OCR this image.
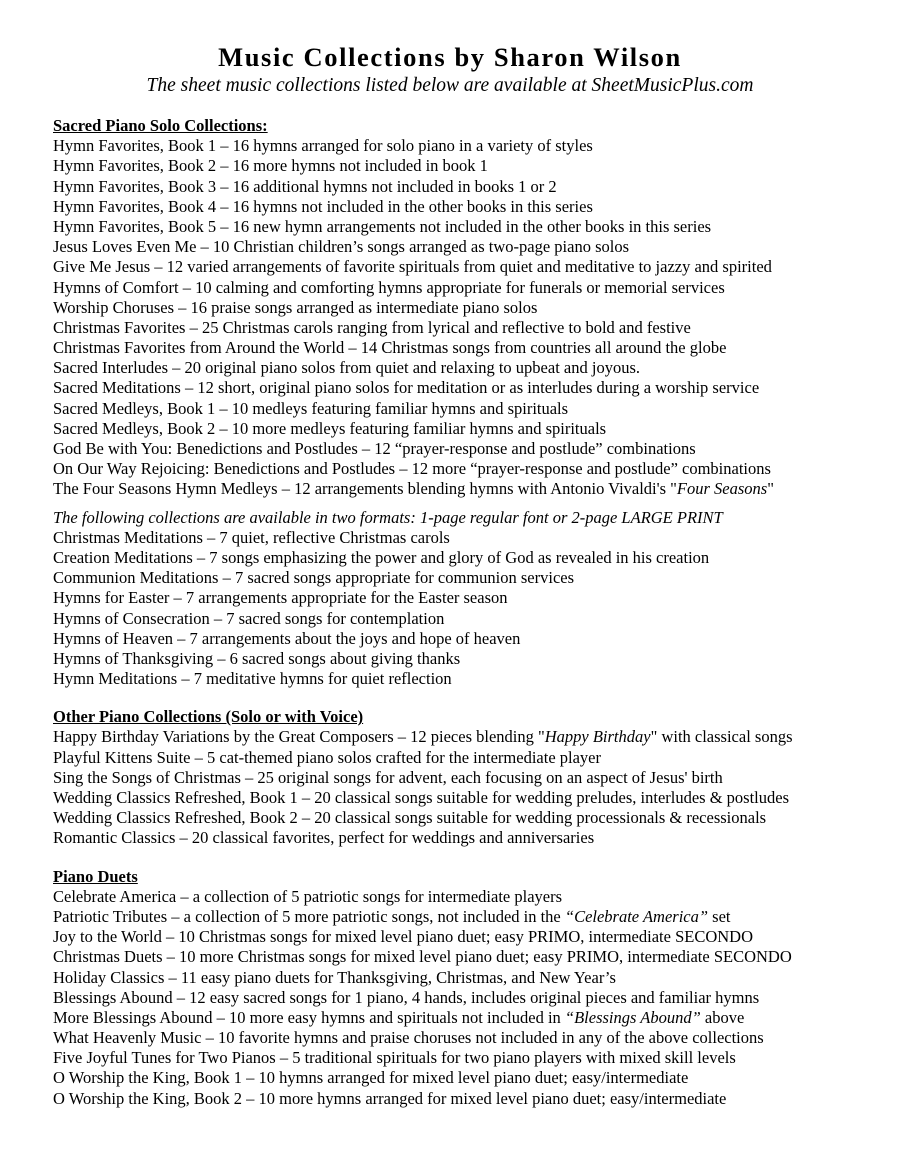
Music Collections by Sharon Wilson
The sheet music collections listed below are available at SheetMusicPlus.com
Sacred Piano Solo Collections:
Hymn Favorites, Book 1 – 16 hymns arranged for solo piano in a variety of styles
Hymn Favorites, Book 2 – 16 more hymns not included in book 1
Hymn Favorites, Book 3 – 16 additional hymns not included in books 1 or 2
Hymn Favorites, Book 4 – 16 hymns not included in the other books in this series
Hymn Favorites, Book 5 – 16 new hymn arrangements not included in the other books in this series
Jesus Loves Even Me – 10 Christian children’s songs arranged as two-page piano solos
Give Me Jesus – 12 varied arrangements of favorite spirituals from quiet and meditative to jazzy and spirited
Hymns of Comfort – 10 calming and comforting hymns appropriate for funerals or memorial services
Worship Choruses – 16 praise songs arranged as intermediate piano solos
Christmas Favorites – 25 Christmas carols ranging from lyrical and reflective to bold and festive
Christmas Favorites from Around the World – 14 Christmas songs from countries all around the globe
Sacred Interludes – 20 original piano solos from quiet and relaxing to upbeat and joyous.
Sacred Meditations – 12 short, original piano solos for meditation or as interludes during a worship service
Sacred Medleys, Book 1 – 10 medleys featuring familiar hymns and spirituals
Sacred Medleys, Book 2 – 10 more medleys featuring familiar hymns and spirituals
God Be with You: Benedictions and Postludes – 12 “prayer-response and postlude” combinations
On Our Way Rejoicing: Benedictions and Postludes – 12 more “prayer-response and postlude” combinations
The Four Seasons Hymn Medleys – 12 arrangements blending hymns with Antonio Vivaldi's "Four Seasons"
The following collections are available in two formats: 1-page regular font or 2-page LARGE PRINT
Christmas Meditations – 7 quiet, reflective Christmas carols
Creation Meditations – 7 songs emphasizing the power and glory of God as revealed in his creation
Communion Meditations – 7 sacred songs appropriate for communion services
Hymns for Easter – 7 arrangements appropriate for the Easter season
Hymns of Consecration – 7 sacred songs for contemplation
Hymns of Heaven – 7 arrangements about the joys and hope of heaven
Hymns of Thanksgiving – 6 sacred songs about giving thanks
Hymn Meditations – 7 meditative hymns for quiet reflection
Other Piano Collections (Solo or with Voice)
Happy Birthday Variations by the Great Composers – 12 pieces blending "Happy Birthday" with classical songs
Playful Kittens Suite – 5 cat-themed piano solos crafted for the intermediate player
Sing the Songs of Christmas – 25 original songs for advent, each focusing on an aspect of Jesus' birth
Wedding Classics Refreshed, Book 1 – 20 classical songs suitable for wedding preludes, interludes & postludes
Wedding Classics Refreshed, Book 2 – 20 classical songs suitable for wedding processionals & recessionals
Romantic Classics – 20 classical favorites, perfect for weddings and anniversaries
Piano Duets
Celebrate America – a collection of 5 patriotic songs for intermediate players
Patriotic Tributes – a collection of 5 more patriotic songs, not included in the “Celebrate America” set
Joy to the World – 10 Christmas songs for mixed level piano duet; easy PRIMO, intermediate SECONDO
Christmas Duets – 10 more Christmas songs for mixed level piano duet; easy PRIMO, intermediate SECONDO
Holiday Classics – 11 easy piano duets for Thanksgiving, Christmas, and New Year’s
Blessings Abound – 12 easy sacred songs for 1 piano, 4 hands, includes original pieces and familiar hymns
More Blessings Abound – 10 more easy hymns and spirituals not included in “Blessings Abound” above
What Heavenly Music – 10 favorite hymns and praise choruses not included in any of the above collections
Five Joyful Tunes for Two Pianos – 5 traditional spirituals for two piano players with mixed skill levels
O Worship the King, Book 1 – 10 hymns arranged for mixed level piano duet; easy/intermediate
O Worship the King, Book 2 – 10 more hymns arranged for mixed level piano duet; easy/intermediate
